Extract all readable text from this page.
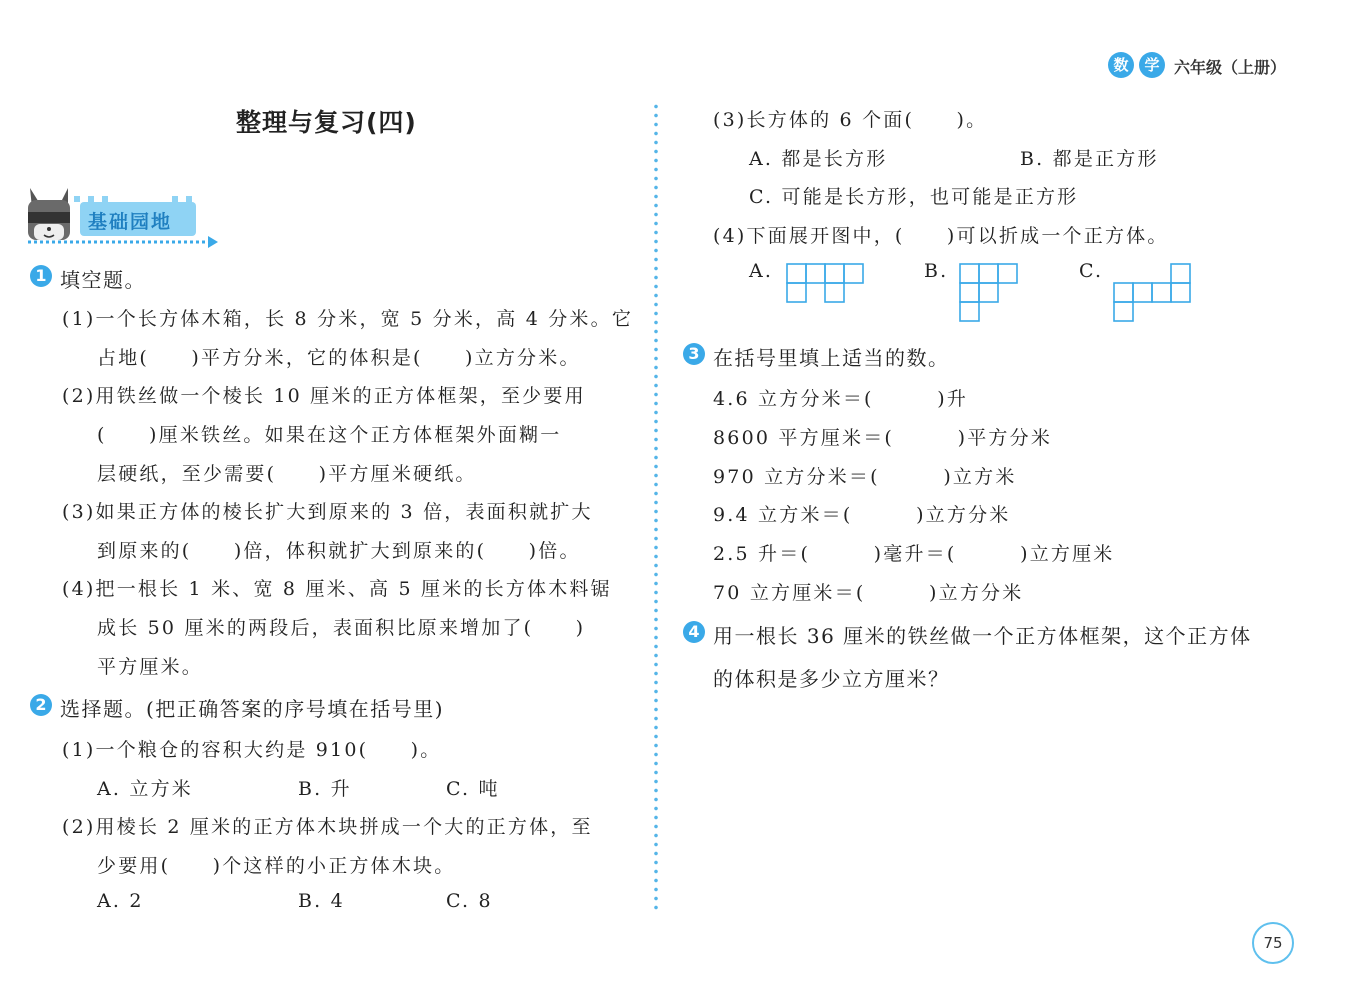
数	学 六年级（上册）
整理与复习(四)
基础园地
1 填空题。
(1)一个长方体木箱，长 8 分米，宽 5 分米，高 4 分米。它
占地(　　)平方分米，它的体积是(　　)立方分米。
(2)用铁丝做一个棱长 10 厘米的正方体框架，至少要用
(　　)厘米铁丝。如果在这个正方体框架外面糊一
层硬纸，至少需要(　　)平方厘米硬纸。
(3)如果正方体的棱长扩大到原来的 3 倍，表面积就扩大
到原来的(　　)倍，体积就扩大到原来的(　　)倍。
(4)把一根长 1 米、宽 8 厘米、高 5 厘米的长方体木料锯
成长 50 厘米的两段后，表面积比原来增加了(　　)
平方厘米。
2 选择题。(把正确答案的序号填在括号里)
(1)一个粮仓的容积大约是 910(　　)。
A. 立方米	B. 升	C. 吨
(2)用棱长 2 厘米的正方体木块拼成一个大的正方体，至
少要用(　　)个这样的小正方体木块。
A. 2	B. 4	C. 8
(3)长方体的 6 个面(　　)。
A. 都是长方形	B. 都是正方形
C. 可能是长方形，也可能是正方形
(4)下面展开图中，(　　)可以折成一个正方体。
A.	B.	C.
3 在括号里填上适当的数。
4.6 立方分米＝(　　　)升
8600 平方厘米＝(　　　)平方分米
970 立方分米＝(　　　)立方米
9.4 立方米＝(　　　)立方分米
2.5 升＝(　　　)毫升＝(　　　)立方厘米
70 立方厘米＝(　　　)立方分米
4 用一根长 36 厘米的铁丝做一个正方体框架，这个正方体
的体积是多少立方厘米？
75
